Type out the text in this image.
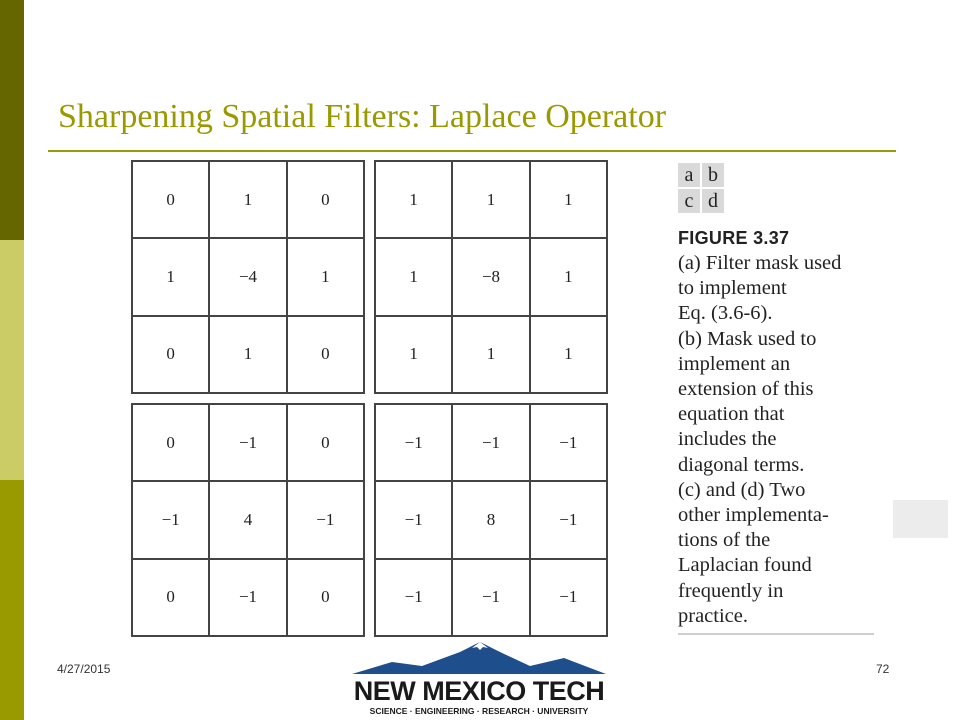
Sharpening Spatial Filters: Laplace Operator
0	1	0
1	−4	1
0	1	0
1	1	1
1	−8	1
1	1	1
0	−1	0
−1	4	−1
0	−1	0
−1	−1	−1
−1	8	−1
−1	−1	−1
a b
c d
FIGURE 3.37
(a) Filter mask used
to implement
Eq. (3.6-6).
(b) Mask used to
implement an
extension of this
equation that
includes the
diagonal terms.
(c) and (d) Two
other implementa-
tions of the
Laplacian found
frequently in
practice.
4/27/2015	72
NEW MEXICO TECH
SCIENCE · ENGINEERING · RESEARCH · UNIVERSITY
